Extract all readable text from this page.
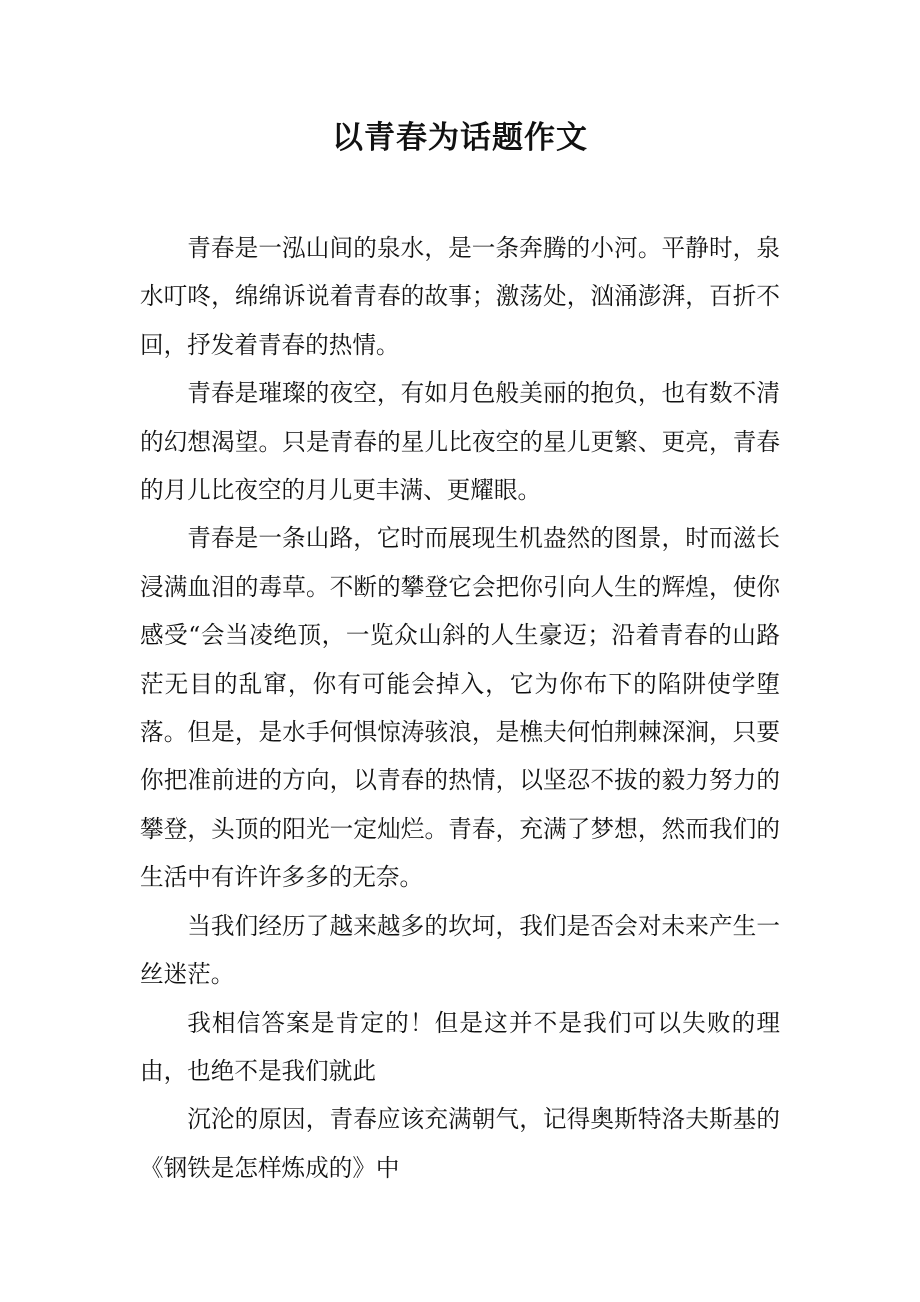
以青春为话题作文

青春是一泓山间的泉水，是一条奔腾的小河。平静时，泉水叮咚，绵绵诉说着青春的故事；激荡处，汹涌澎湃，百折不回，抒发着青春的热情。

青春是璀璨的夜空，有如月色般美丽的抱负，也有数不清的幻想渴望。只是青春的星儿比夜空的星儿更繁、更亮，青春的月儿比夜空的月儿更丰满、更耀眼。

青春是一条山路，它时而展现生机盎然的图景，时而滋长浸满血泪的毒草。不断的攀登它会把你引向人生的辉煌，使你感受“会当凌绝顶，一览众山斜的人生豪迈；沿着青春的山路茫无目的乱窜，你有可能会掉入，它为你布下的陷阱使学堕落。但是，是水手何惧惊涛骇浪，是樵夫何怕荆棘深涧，只要你把准前进的方向，以青春的热情，以坚忍不拔的毅力努力的攀登，头顶的阳光一定灿烂。青春，充满了梦想，然而我们的生活中有许许多多的无奈。

当我们经历了越来越多的坎坷，我们是否会对未来产生一丝迷茫。

我相信答案是肯定的！但是这并不是我们可以失败的理由，也绝不是我们就此

沉沦的原因，青春应该充满朝气，记得奥斯特洛夫斯基的《钢铁是怎样炼成的》中
